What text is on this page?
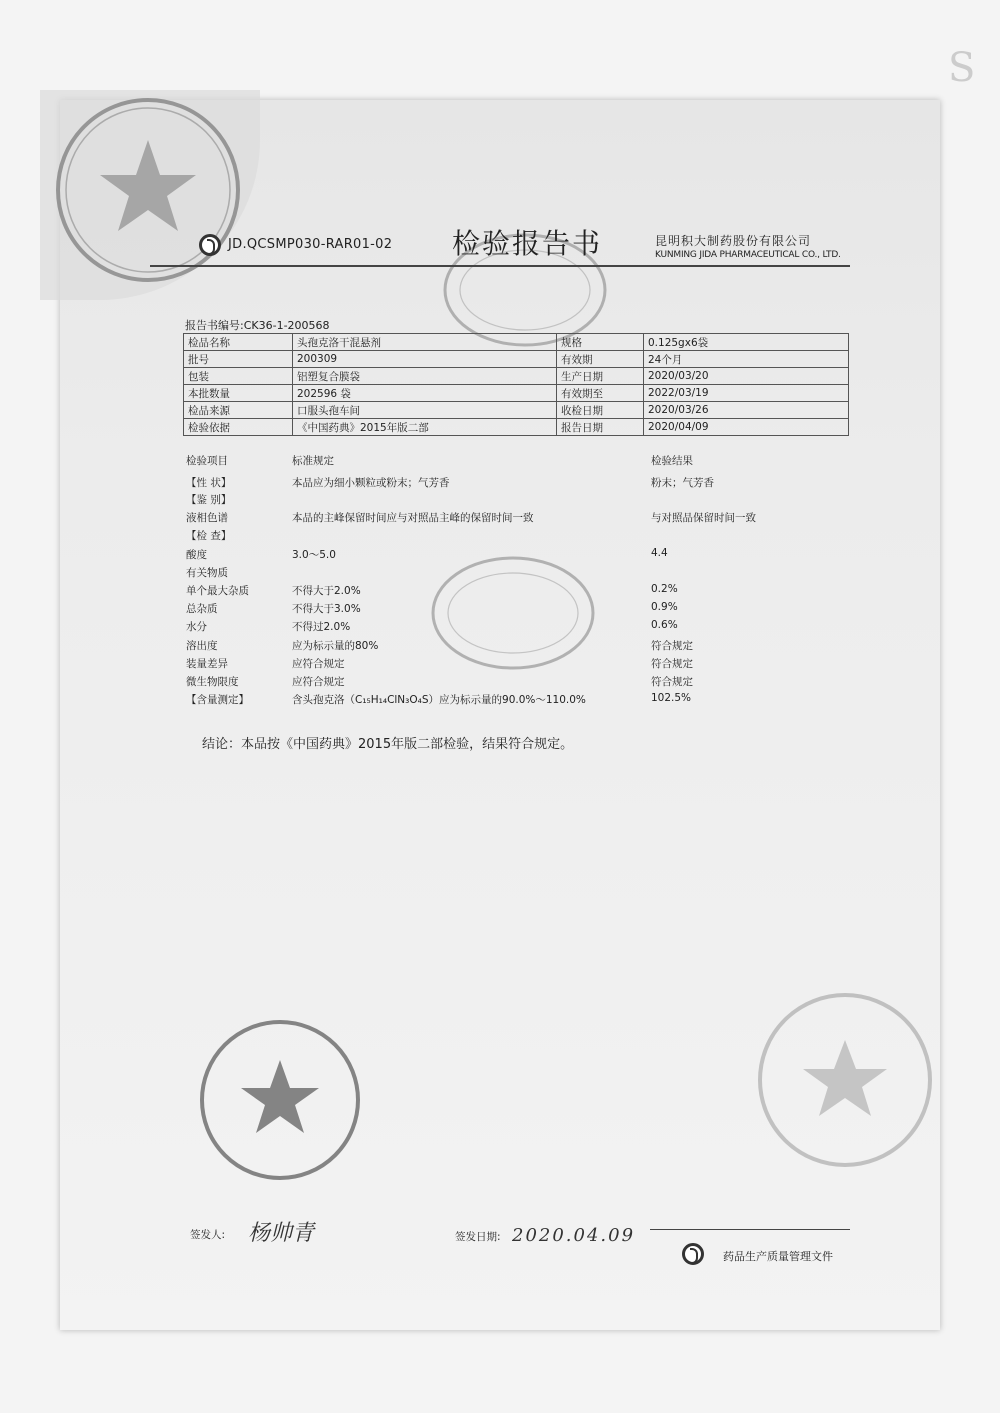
S
JD.QCSMP030-RAR01-02 检验报告书	昆明积大制药股份有限公司
KUNMING JIDA PHARMACEUTICAL CO., LTD.
报告书编号:CK36-1-200568
检品名称	头孢克洛干混悬剂	规格	0.125gx6袋
批号	200309	有效期	24个月
包装	铝塑复合膜袋	生产日期	2020/03/20
本批数量	202596 袋	有效期至	2022/03/19
检品来源	口服头孢车间	收检日期	2020/03/26
检验依据	《中国药典》2015年版二部	报告日期	2020/04/09
检验项目	标准规定	检验结果
【性 状】	本品应为细小颗粒或粉末；气芳香	粉末；气芳香
【鉴 别】
液相色谱	本品的主峰保留时间应与对照品主峰的保留时间一致	与对照品保留时间一致
【检 查】
酸度	3.0～5.0	4.4
有关物质
单个最大杂质	不得大于2.0%	0.2%
总杂质	不得大于3.0%	0.9%
水分	不得过2.0%	0.6%
溶出度	应为标示量的80%	符合规定
装量差异	应符合规定	符合规定
微生物限度	应符合规定	符合规定
【含量测定】	含头孢克洛（C₁₅H₁₄ClN₃O₄S）应为标示量的90.0%～110.0%	102.5%
结论：本品按《中国药典》2015年版二部检验，结果符合规定。
签发人: 杨帅青	签发日期: 2020.04.09
药品生产质量管理文件
